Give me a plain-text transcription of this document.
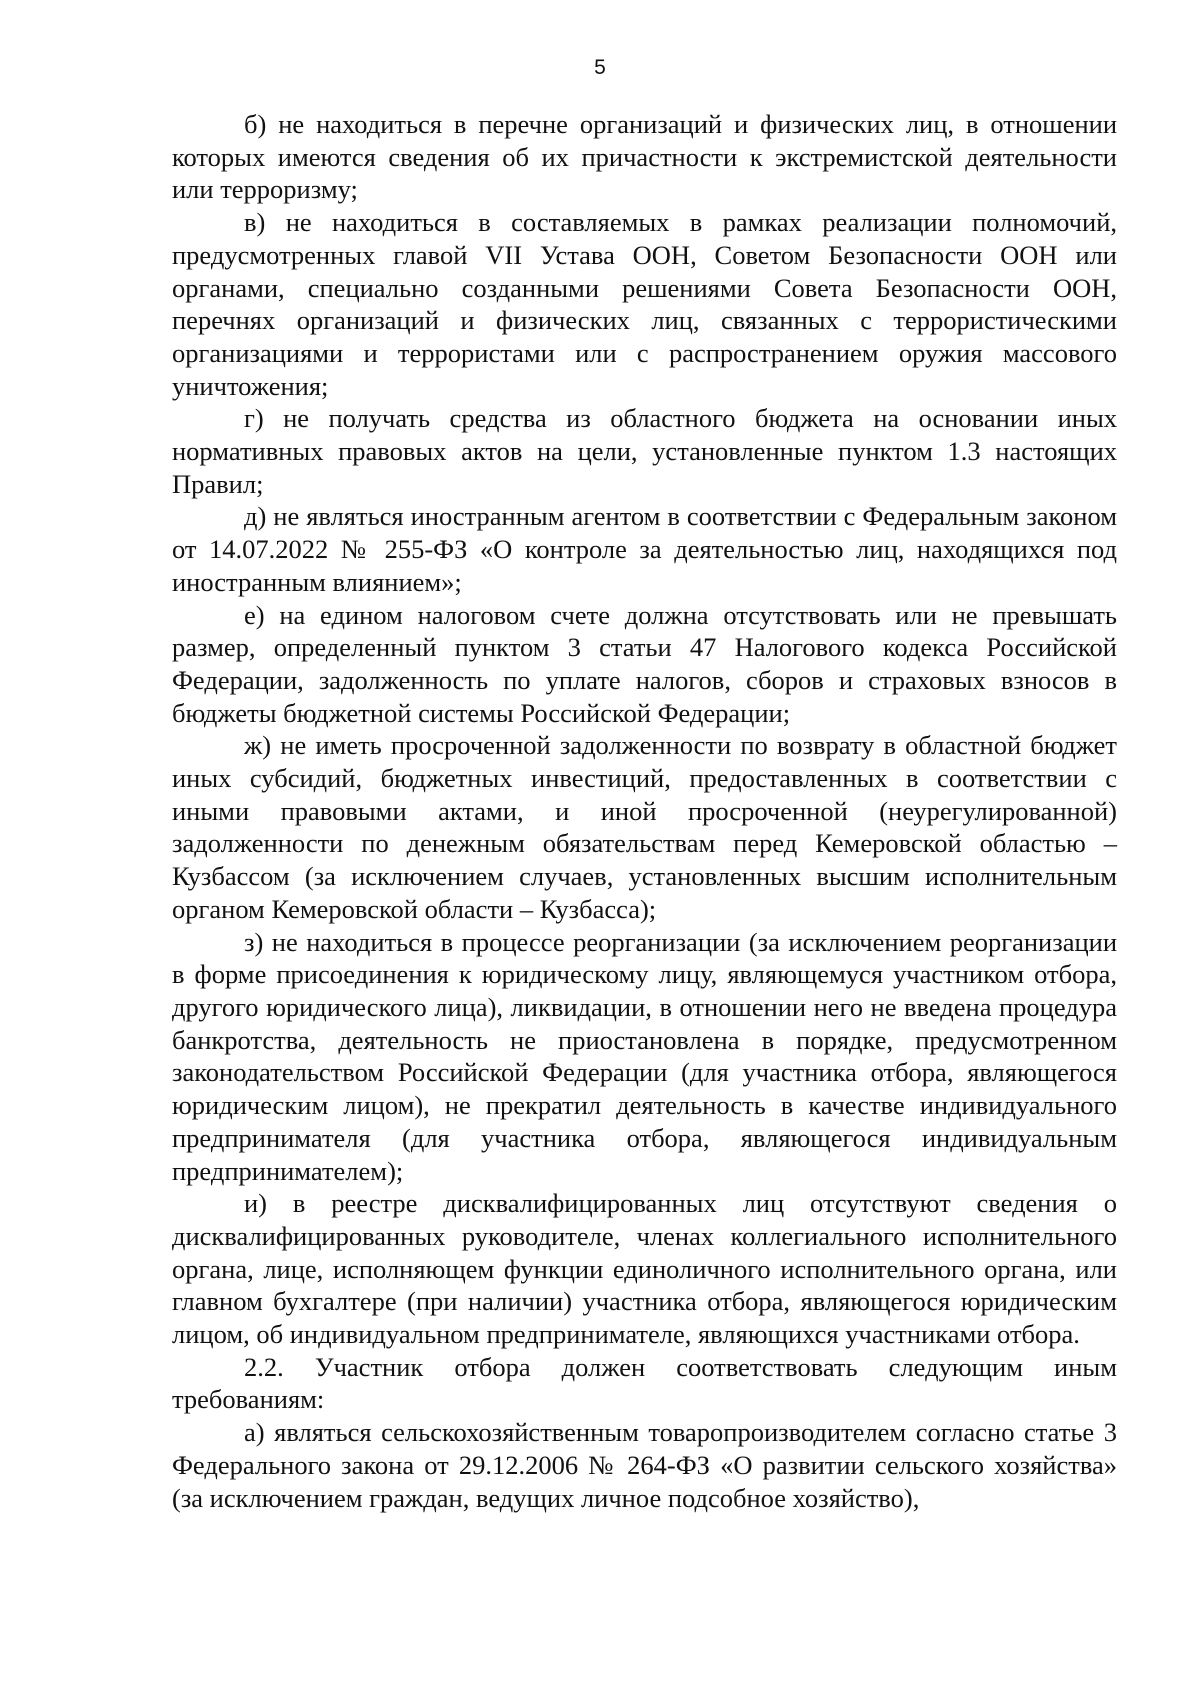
5

б) не находиться в перечне организаций и физических лиц, в отношении которых имеются сведения об их причастности к экстремистской деятельности или терроризму;

в) не находиться в составляемых в рамках реализации полномочий, предусмотренных главой VII Устава ООН, Советом Безопасности ООН или органами, специально созданными решениями Совета Безопасности ООН, перечнях организаций и физических лиц, связанных с террористическими организациями и террористами или с распространением оружия массового уничтожения;

г) не получать средства из областного бюджета на основании иных нормативных правовых актов на цели, установленные пунктом 1.3 настоящих Правил;

д) не являться иностранным агентом в соответствии с Федеральным законом от 14.07.2022 № 255-ФЗ «О контроле за деятельностью лиц, находящихся под иностранным влиянием»;

е) на едином налоговом счете должна отсутствовать или не превышать размер, определенный пунктом 3 статьи 47 Налогового кодекса Российской Федерации, задолженность по уплате налогов, сборов и страховых взносов в бюджеты бюджетной системы Российской Федерации;

ж) не иметь просроченной задолженности по возврату в областной бюджет иных субсидий, бюджетных инвестиций, предоставленных в соответствии с иными правовыми актами, и иной просроченной (неурегулированной) задолженности по денежным обязательствам перед Кемеровской областью – Кузбассом (за исключением случаев, установленных высшим исполнительным органом Кемеровской области – Кузбасса);

з) не находиться в процессе реорганизации (за исключением реорганизации в форме присоединения к юридическому лицу, являющемуся участником отбора, другого юридического лица), ликвидации, в отношении него не введена процедура банкротства, деятельность не приостановлена в порядке, предусмотренном законодательством Российской Федерации (для участника отбора, являющегося юридическим лицом), не прекратил деятельность в качестве индивидуального предпринимателя (для участника отбора, являющегося индивидуальным предпринимателем);

и) в реестре дисквалифицированных лиц отсутствуют сведения о дисквалифицированных руководителе, членах коллегиального исполнительного органа, лице, исполняющем функции единоличного исполнительного органа, или главном бухгалтере (при наличии) участника отбора, являющегося юридическим лицом, об индивидуальном предпринимателе, являющихся участниками отбора.

2.2. Участник отбора должен соответствовать следующим иным требованиям:

а) являться сельскохозяйственным товаропроизводителем согласно статье 3 Федерального закона от 29.12.2006 № 264-ФЗ «О развитии сельского хозяйства» (за исключением граждан, ведущих личное подсобное хозяйство),
